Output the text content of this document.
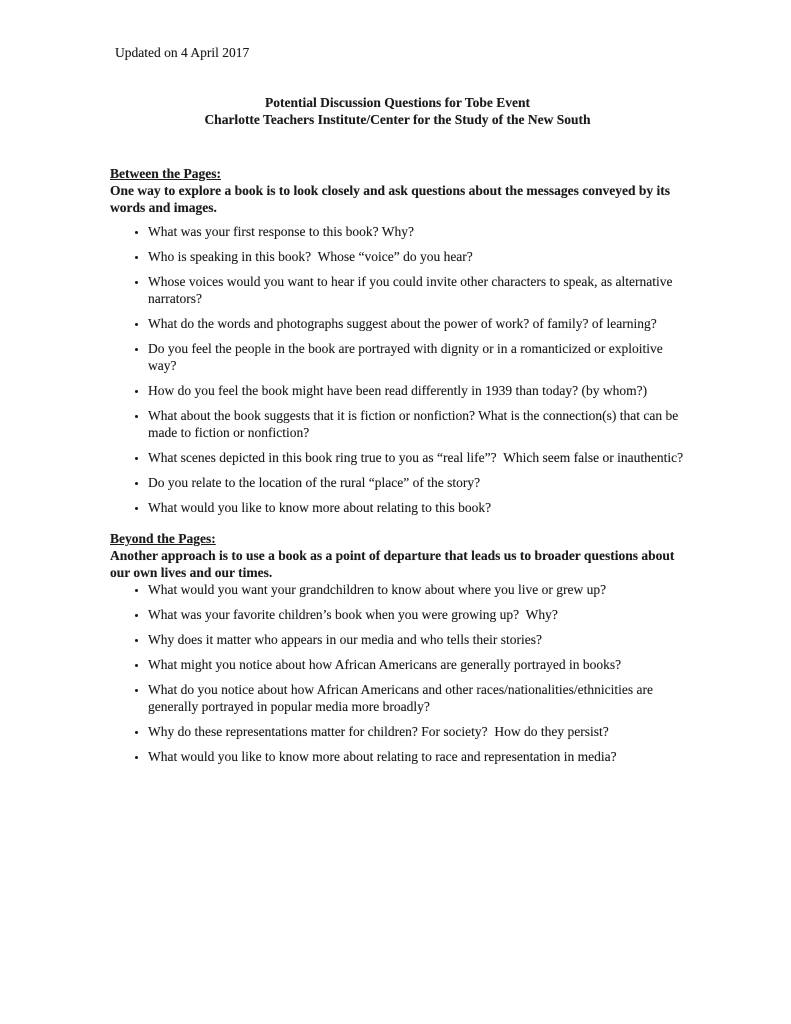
Updated on 4 April 2017

Potential Discussion Questions for Tobe Event

Charlotte Teachers Institute/Center for the Study of the New South

Between the Pages:
One way to explore a book is to look closely and ask questions about the messages conveyed by its words and images.
• What was your first response to this book? Why?
• Who is speaking in this book?  Whose “voice” do you hear?
• Whose voices would you want to hear if you could invite other characters to speak, as alternative narrators?
• What do the words and photographs suggest about the power of work? of family? of learning?
• Do you feel the people in the book are portrayed with dignity or in a romanticized or exploitive way?
• How do you feel the book might have been read differently in 1939 than today? (by whom?)
• What about the book suggests that it is fiction or nonfiction? What is the connection(s) that can be made to fiction or nonfiction?
• What scenes depicted in this book ring true to you as “real life”?  Which seem false or inauthentic?
• Do you relate to the location of the rural “place” of the story?
• What would you like to know more about relating to this book?
Beyond the Pages:
Another approach is to use a book as a point of departure that leads us to broader questions about our own lives and our times.
• What would you want your grandchildren to know about where you live or grew up?
• What was your favorite children’s book when you were growing up?  Why?
• Why does it matter who appears in our media and who tells their stories?
• What might you notice about how African Americans are generally portrayed in books?
• What do you notice about how African Americans and other races/nationalities/ethnicities are generally portrayed in popular media more broadly?
• Why do these representations matter for children? For society?  How do they persist?
• What would you like to know more about relating to race and representation in media?
